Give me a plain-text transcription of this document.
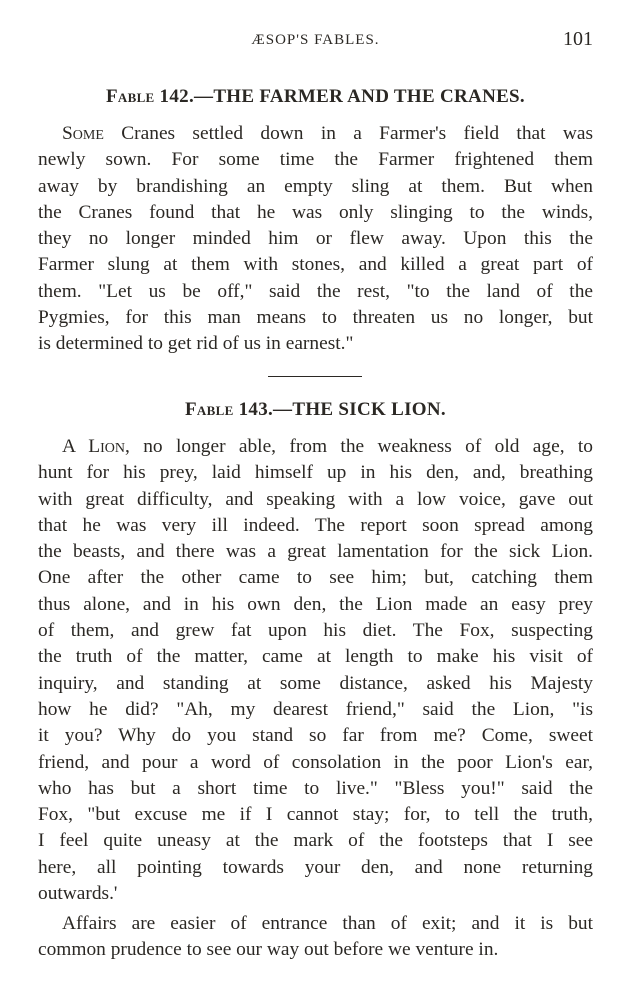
ÆSOP'S FABLES.	101
Fable 142.—THE FARMER AND THE CRANES.
Some Cranes settled down in a Farmer's field that was
newly sown. For some time the Farmer frightened them
away by brandishing an empty sling at them. But when
the Cranes found that he was only slinging to the winds,
they no longer minded him or flew away. Upon this the
Farmer slung at them with stones, and killed a great part of
them. "Let us be off," said the rest, "to the land of the
Pygmies, for this man means to threaten us no longer, but
is determined to get rid of us in earnest."
Fable 143.—THE SICK LION.
A Lion, no longer able, from the weakness of old age, to
hunt for his prey, laid himself up in his den, and, breathing
with great difficulty, and speaking with a low voice, gave out
that he was very ill indeed. The report soon spread among
the beasts, and there was a great lamentation for the sick Lion.
One after the other came to see him; but, catching them
thus alone, and in his own den, the Lion made an easy prey
of them, and grew fat upon his diet. The Fox, suspecting
the truth of the matter, came at length to make his visit of
inquiry, and standing at some distance, asked his Majesty
how he did? "Ah, my dearest friend," said the Lion, "is
it you? Why do you stand so far from me? Come, sweet
friend, and pour a word of consolation in the poor Lion's ear,
who has but a short time to live." "Bless you!" said the
Fox, "but excuse me if I cannot stay; for, to tell the truth,
I feel quite uneasy at the mark of the footsteps that I see
here, all pointing towards your den, and none returning
outwards.'
Affairs are easier of entrance than of exit; and it is but
common prudence to see our way out before we venture in.
